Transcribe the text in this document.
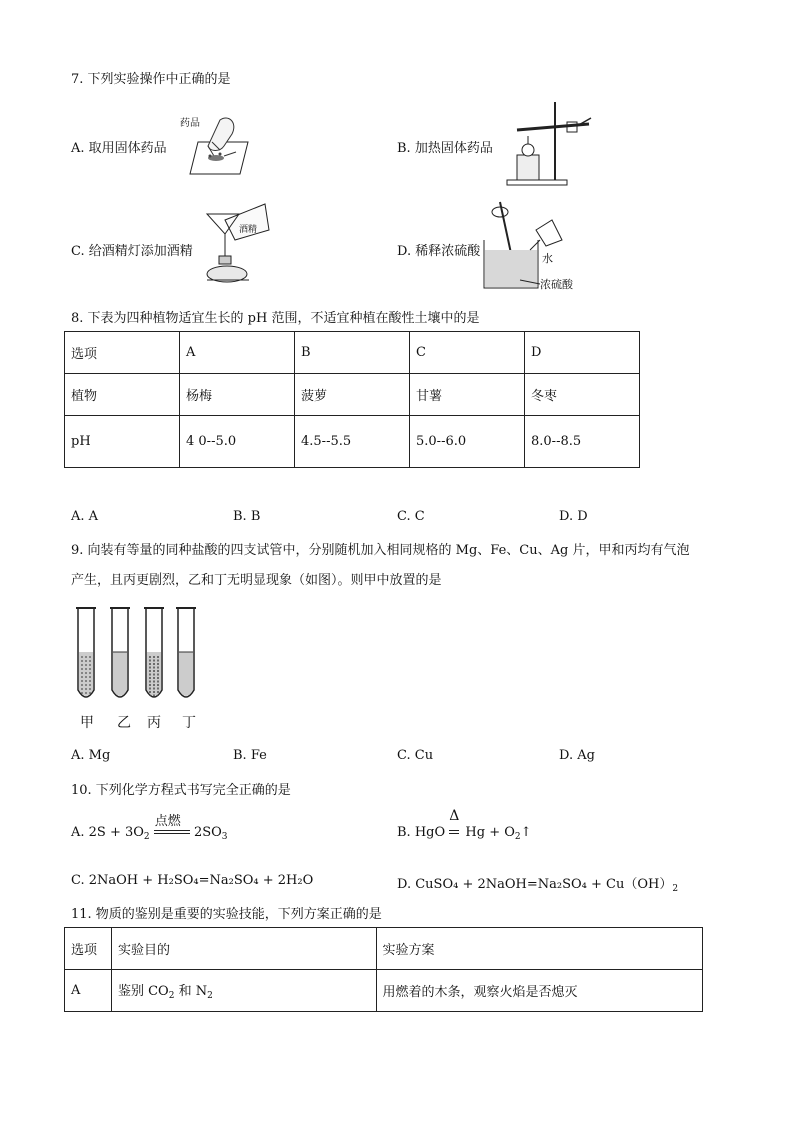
7. 下列实验操作中正确的是
A. 取用固体药品
药品
B. 加热固体药品
C. 给酒精灯添加酒精
酒精
D. 稀释浓硫酸	水
浓硫酸
8. 下表为四种植物适宜生长的 pH 范围，不适宜种植在酸性土壤中的是
选项	A	B	C	D
植物	杨梅	菠萝	甘薯	冬枣
pH	4 0--5.0	4.5--5.5	5.0--6.0	8.0--8.5
A. A	B. B	C. C	D. D
9. 向装有等量的同种盐酸的四支试管中，分别随机加入相同规格的 Mg、Fe、Cu、Ag 片，甲和丙均有气泡
产生，且丙更剧烈，乙和丁无明显现象（如图）。则甲中放置的是
甲 乙 丙 丁
A. Mg	B. Fe	C. Cu	D. Ag
10. 下列化学方程式书写完全正确的是
A. $2S + 3O_2$
点燃
$2SO_3$	B. HgO
Δ
$Hg + O_2↑$
C. 2NaOH + H₂SO₄=Na₂SO₄ + 2H₂O	D. CuSO₄ + 2NaOH=Na₂SO₄ + $Cu(OH)_2$
11. 物质的鉴别是重要的实验技能，下列方案正确的是
选项	实验目的	实验方案
A	鉴别 $CO_2$ 和 $N_2$	用燃着的木条，观察火焰是否熄灭
